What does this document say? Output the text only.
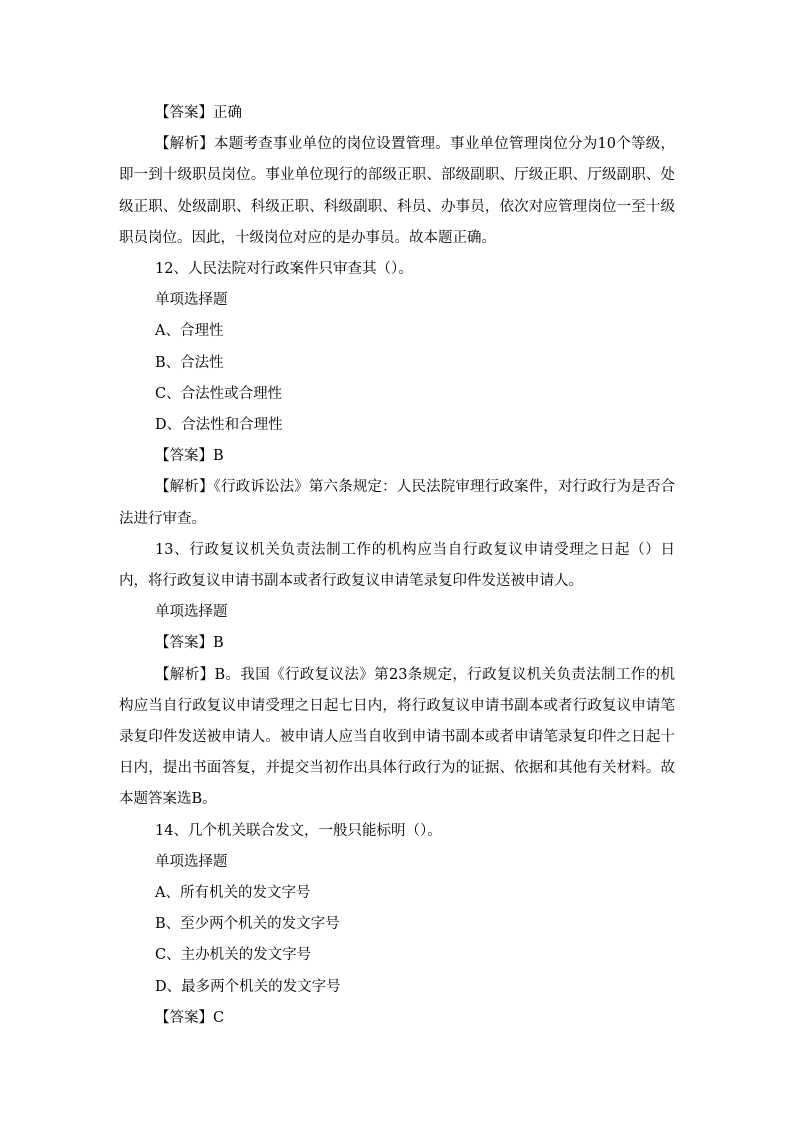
【答案】正确
【解析】本题考查事业单位的岗位设置管理。事业单位管理岗位分为10个等级，即一到十级职员岗位。事业单位现行的部级正职、部级副职、厅级正职、厅级副职、处级正职、处级副职、科级正职、科级副职、科员、办事员，依次对应管理岗位一至十级职员岗位。因此，十级岗位对应的是办事员。故本题正确。
12、人民法院对行政案件只审查其（）。
单项选择题
A、合理性
B、合法性
C、合法性或合理性
D、合法性和合理性
【答案】B
【解析】《行政诉讼法》第六条规定：人民法院审理行政案件，对行政行为是否合法进行审查。
13、行政复议机关负责法制工作的机构应当自行政复议申请受理之日起（）日内，将行政复议申请书副本或者行政复议申请笔录复印件发送被申请人。
单项选择题
【答案】B
【解析】B。我国《行政复议法》第23条规定，行政复议机关负责法制工作的机构应当自行政复议申请受理之日起七日内，将行政复议申请书副本或者行政复议申请笔录复印件发送被申请人。被申请人应当自收到申请书副本或者申请笔录复印件之日起十日内，提出书面答复，并提交当初作出具体行政行为的证据、依据和其他有关材料。故本题答案选B。
14、几个机关联合发文，一般只能标明（）。
单项选择题
A、所有机关的发文字号
B、至少两个机关的发文字号
C、主办机关的发文字号
D、最多两个机关的发文字号
【答案】C
